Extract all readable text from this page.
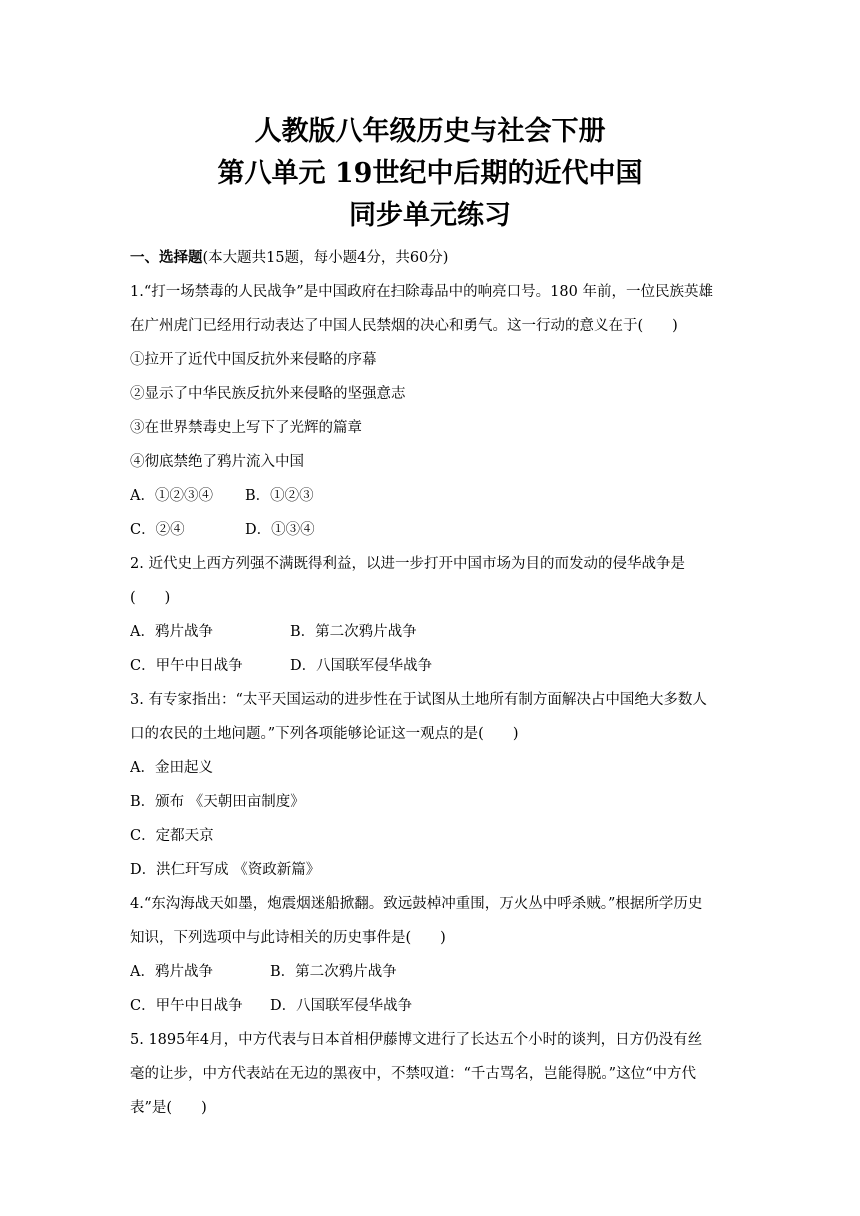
人教版八年级历史与社会下册
第八单元 19世纪中后期的近代中国
同步单元练习
一、选择题(本大题共15题，每小题4分，共60分)
1.“打一场禁毒的人民战争”是中国政府在扫除毒品中的响亮口号。180 年前，一位民族英雄
在广州虎门已经用行动表达了中国人民禁烟的决心和勇气。这一行动的意义在于(　　)
①拉开了近代中国反抗外来侵略的序幕
②显示了中华民族反抗外来侵略的坚强意志
③在世界禁毒史上写下了光辉的篇章
④彻底禁绝了鸦片流入中国
A．①②③④	B．①②③
C．②④	D．①③④
2. 近代史上西方列强不满既得利益，以进一步打开中国市场为目的而发动的侵华战争是
(　　)
A．鸦片战争	B．第二次鸦片战争
C．甲午中日战争	D．八国联军侵华战争
3. 有专家指出：“太平天国运动的进步性在于试图从土地所有制方面解决占中国绝大多数人
口的农民的土地问题。”下列各项能够论证这一观点的是(　　)
A．金田起义
B．颁布 《天朝田亩制度》
C．定都天京
D．洪仁玕写成 《资政新篇》
4.“东沟海战天如墨，炮震烟迷船掀翻。致远鼓棹冲重围，万火丛中呼杀贼。”根据所学历史
知识，下列选项中与此诗相关的历史事件是(　　)
A．鸦片战争	B．第二次鸦片战争
C．甲午中日战争	D．八国联军侵华战争
5. 1895年4月，中方代表与日本首相伊藤博文进行了长达五个小时的谈判，日方仍没有丝
毫的让步，中方代表站在无边的黑夜中，不禁叹道：“千古骂名，岂能得脱。”这位“中方代
表”是(　　)
